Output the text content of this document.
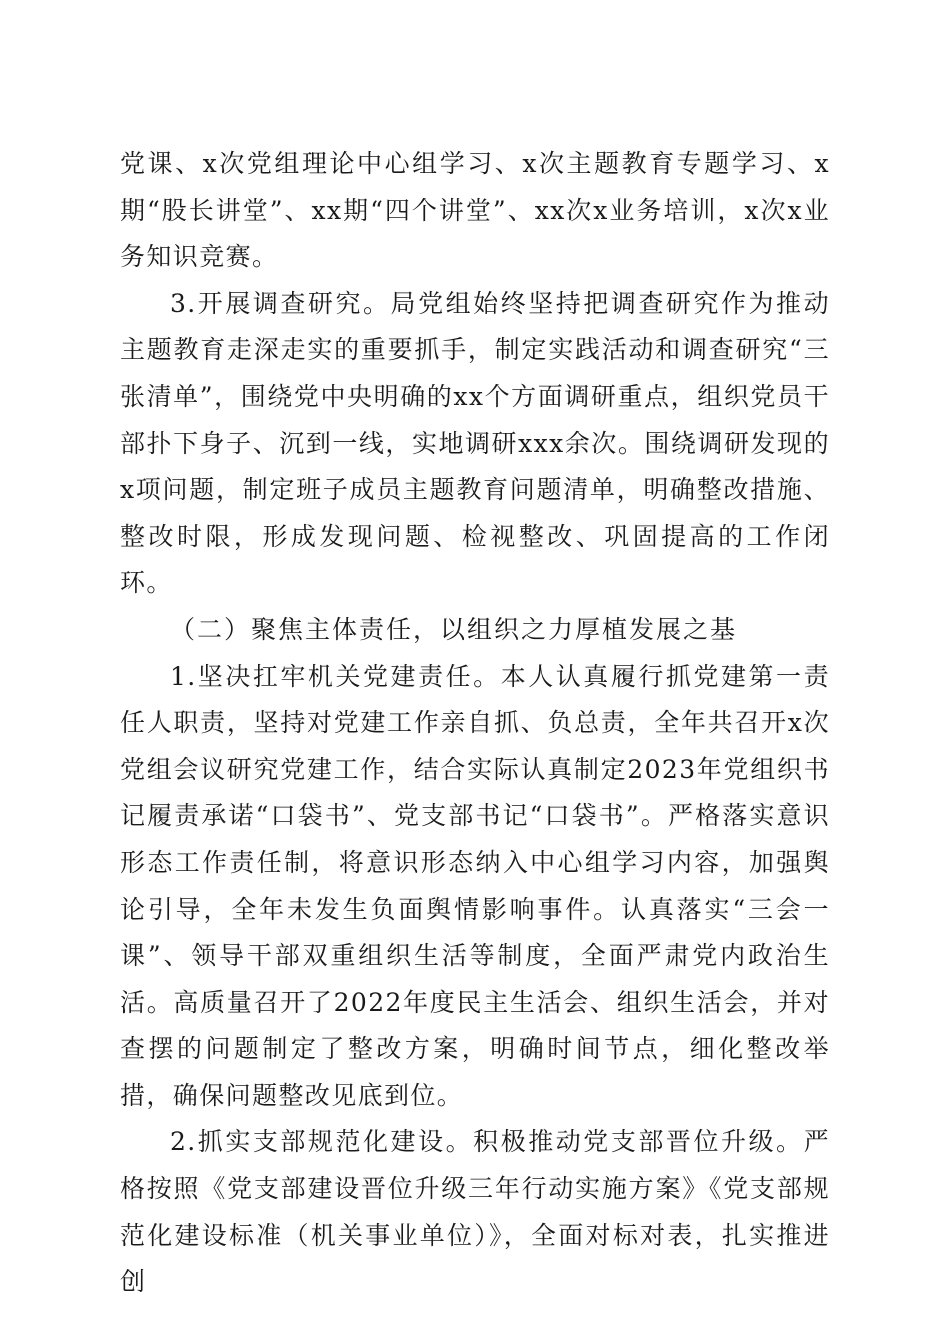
党课、x次党组理论中心组学习、x次主题教育专题学习、x期“股长讲堂”、xx期“四个讲堂”、xx次x业务培训，x次x业务知识竞赛。

3.开展调查研究。局党组始终坚持把调查研究作为推动主题教育走深走实的重要抓手，制定实践活动和调查研究“三张清单”，围绕党中央明确的xx个方面调研重点，组织党员干部扑下身子、沉到一线，实地调研xxx余次。围绕调研发现的x项问题，制定班子成员主题教育问题清单，明确整改措施、整改时限，形成发现问题、检视整改、巩固提高的工作闭环。

（二）聚焦主体责任，以组织之力厚植发展之基

1.坚决扛牢机关党建责任。本人认真履行抓党建第一责任人职责，坚持对党建工作亲自抓、负总责，全年共召开x次党组会议研究党建工作，结合实际认真制定2023年党组织书记履责承诺“口袋书”、党支部书记“口袋书”。严格落实意识形态工作责任制，将意识形态纳入中心组学习内容，加强舆论引导，全年未发生负面舆情影响事件。认真落实“三会一课”、领导干部双重组织生活等制度，全面严肃党内政治生活。高质量召开了2022年度民主生活会、组织生活会，并对查摆的问题制定了整改方案，明确时间节点，细化整改举措，确保问题整改见底到位。

2.抓实支部规范化建设。积极推动党支部晋位升级。严格按照《党支部建设晋位升级三年行动实施方案》《党支部规范化建设标准（机关事业单位）》，全面对标对表，扎实推进创
